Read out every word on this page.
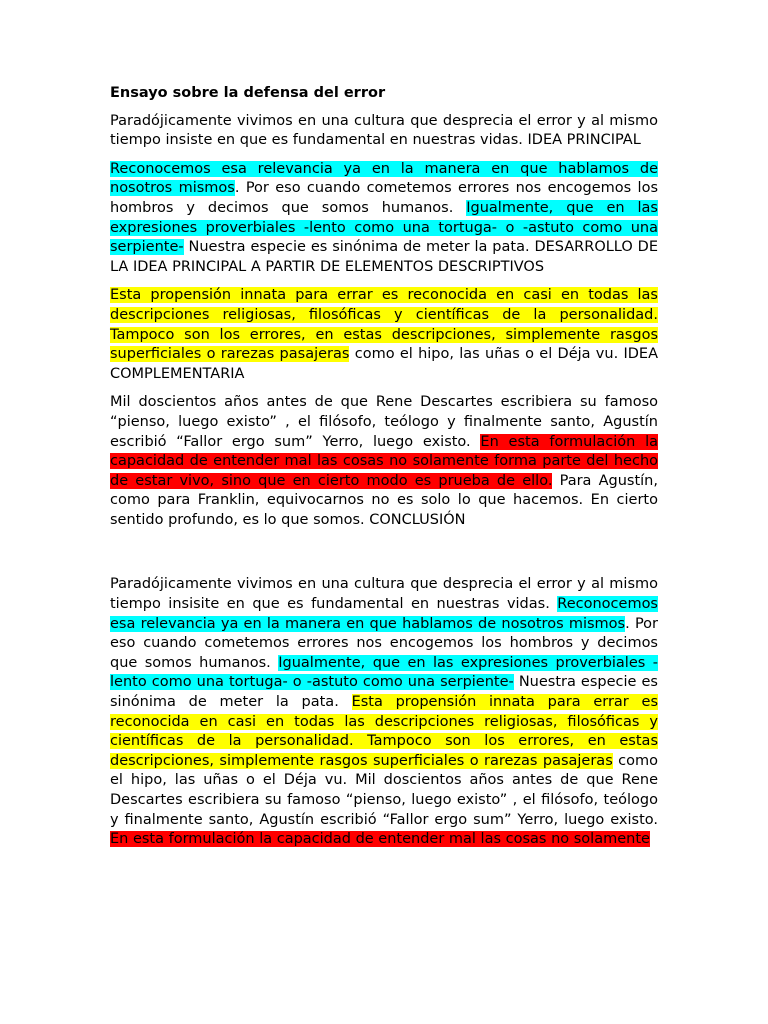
Ensayo sobre la defensa del error

Paradójicamente vivimos en una cultura que desprecia el error y al mismo tiempo insiste en que es fundamental en nuestras vidas. IDEA PRINCIPAL

Reconocemos esa relevancia ya en la manera en que hablamos de nosotros mismos. Por eso cuando cometemos errores nos encogemos los hombros y decimos que somos humanos. Igualmente, que en las expresiones proverbiales -lento como una tortuga- o -astuto como una serpiente- Nuestra especie es sinónima de meter la pata. DESARROLLO DE LA IDEA PRINCIPAL A PARTIR DE ELEMENTOS DESCRIPTIVOS

Esta propensión innata para errar es reconocida en casi en todas las descripciones religiosas, filosóficas y científicas de la personalidad. Tampoco son los errores, en estas descripciones, simplemente rasgos superficiales o rarezas pasajeras como el hipo, las uñas o el Déja vu. IDEA COMPLEMENTARIA

Mil doscientos años antes de que Rene Descartes escribiera su famoso “pienso, luego existo” , el filósofo, teólogo y finalmente santo, Agustín escribió “Fallor ergo sum” Yerro, luego existo. En esta formulación la capacidad de entender mal las cosas no solamente forma parte del hecho de estar vivo, sino que en cierto modo es prueba de ello. Para Agustín, como para Franklin, equivocarnos no es solo lo que hacemos. En cierto sentido profundo, es lo que somos. CONCLUSIÓN

Paradójicamente vivimos en una cultura que desprecia el error y al mismo tiempo insisite en que es fundamental en nuestras vidas. Reconocemos esa relevancia ya en la manera en que hablamos de nosotros mismos. Por eso cuando cometemos errores nos encogemos los hombros y decimos que somos humanos. Igualmente, que en las expresiones proverbiales -lento como una tortuga- o -astuto como una serpiente- Nuestra especie es sinónima de meter la pata. Esta propensión innata para errar es reconocida en casi en todas las descripciones religiosas, filosóficas y científicas de la personalidad. Tampoco son los errores, en estas descripciones, simplemente rasgos superficiales o rarezas pasajeras como el hipo, las uñas o el Déja vu. Mil doscientos años antes de que Rene Descartes escribiera su famoso “pienso, luego existo” , el filósofo, teólogo y finalmente santo, Agustín escribió “Fallor ergo sum” Yerro, luego existo. En esta formulación la capacidad de entender mal las cosas no solamente
